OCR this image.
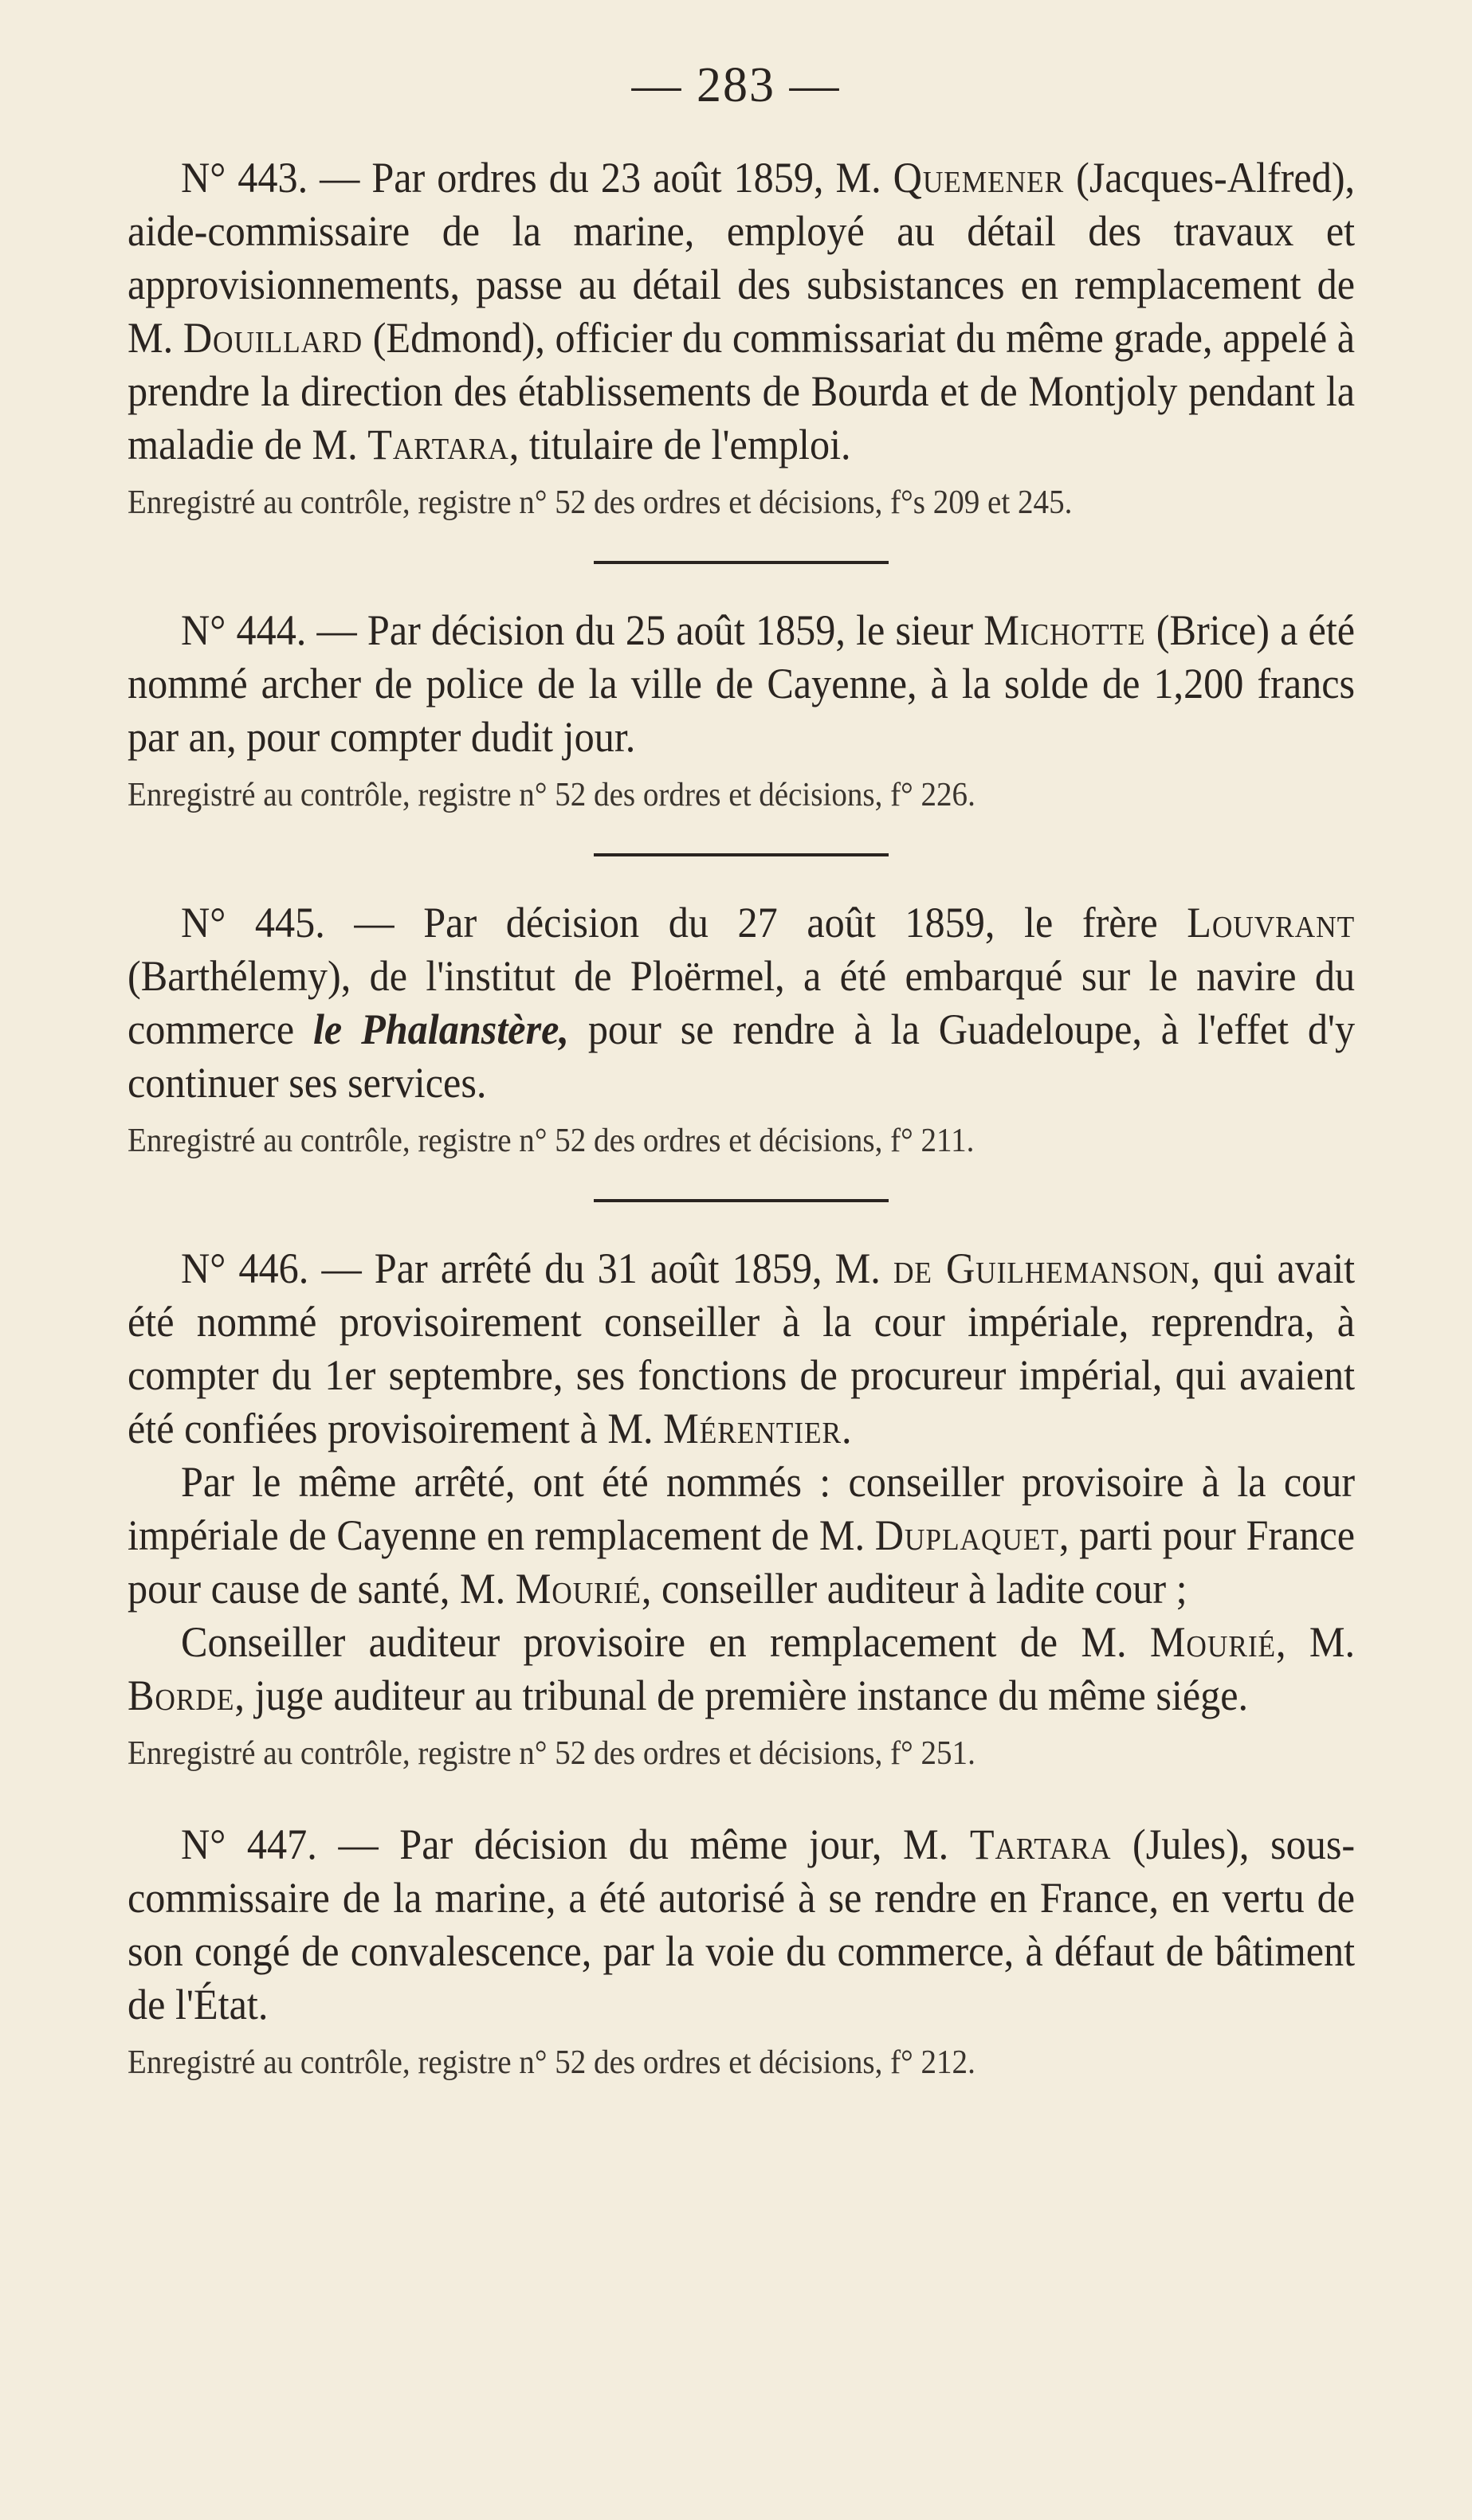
— 283 —

N° 443. — Par ordres du 23 août 1859, M. Quemener (Jacques-Alfred), aide-commissaire de la marine, employé au détail des travaux et approvisionnements, passe au détail des subsistances en remplacement de M. Douillard (Edmond), officier du commissariat du même grade, appelé à prendre la direction des établissements de Bourda et de Montjoly pendant la maladie de M. Tartara, titulaire de l'emploi.

Enregistré au contrôle, registre n° 52 des ordres et décisions, f°s 209 et 245.

N° 444. — Par décision du 25 août 1859, le sieur Michotte (Brice) a été nommé archer de police de la ville de Cayenne, à la solde de 1,200 francs par an, pour compter dudit jour.

Enregistré au contrôle, registre n° 52 des ordres et décisions, f° 226.

N° 445. — Par décision du 27 août 1859, le frère Louvrant (Barthélemy), de l'institut de Ploërmel, a été embarqué sur le navire du commerce le Phalanstère, pour se rendre à la Guadeloupe, à l'effet d'y continuer ses services.

Enregistré au contrôle, registre n° 52 des ordres et décisions, f° 211.

N° 446. — Par arrêté du 31 août 1859, M. de Guilhemanson, qui avait été nommé provisoirement conseiller à la cour impériale, reprendra, à compter du 1er septembre, ses fonctions de procureur impérial, qui avaient été confiées provisoirement à M. Mérentier.

Par le même arrêté, ont été nommés : conseiller provisoire à la cour impériale de Cayenne en remplacement de M. Duplaquet, parti pour France pour cause de santé, M. Mourié, conseiller auditeur à ladite cour ;

Conseiller auditeur provisoire en remplacement de M. Mourié, M. Borde, juge auditeur au tribunal de première instance du même siége.

Enregistré au contrôle, registre n° 52 des ordres et décisions, f° 251.

N° 447. — Par décision du même jour, M. Tartara (Jules), sous-commissaire de la marine, a été autorisé à se rendre en France, en vertu de son congé de convalescence, par la voie du commerce, à défaut de bâtiment de l'État.

Enregistré au contrôle, registre n° 52 des ordres et décisions, f° 212.
